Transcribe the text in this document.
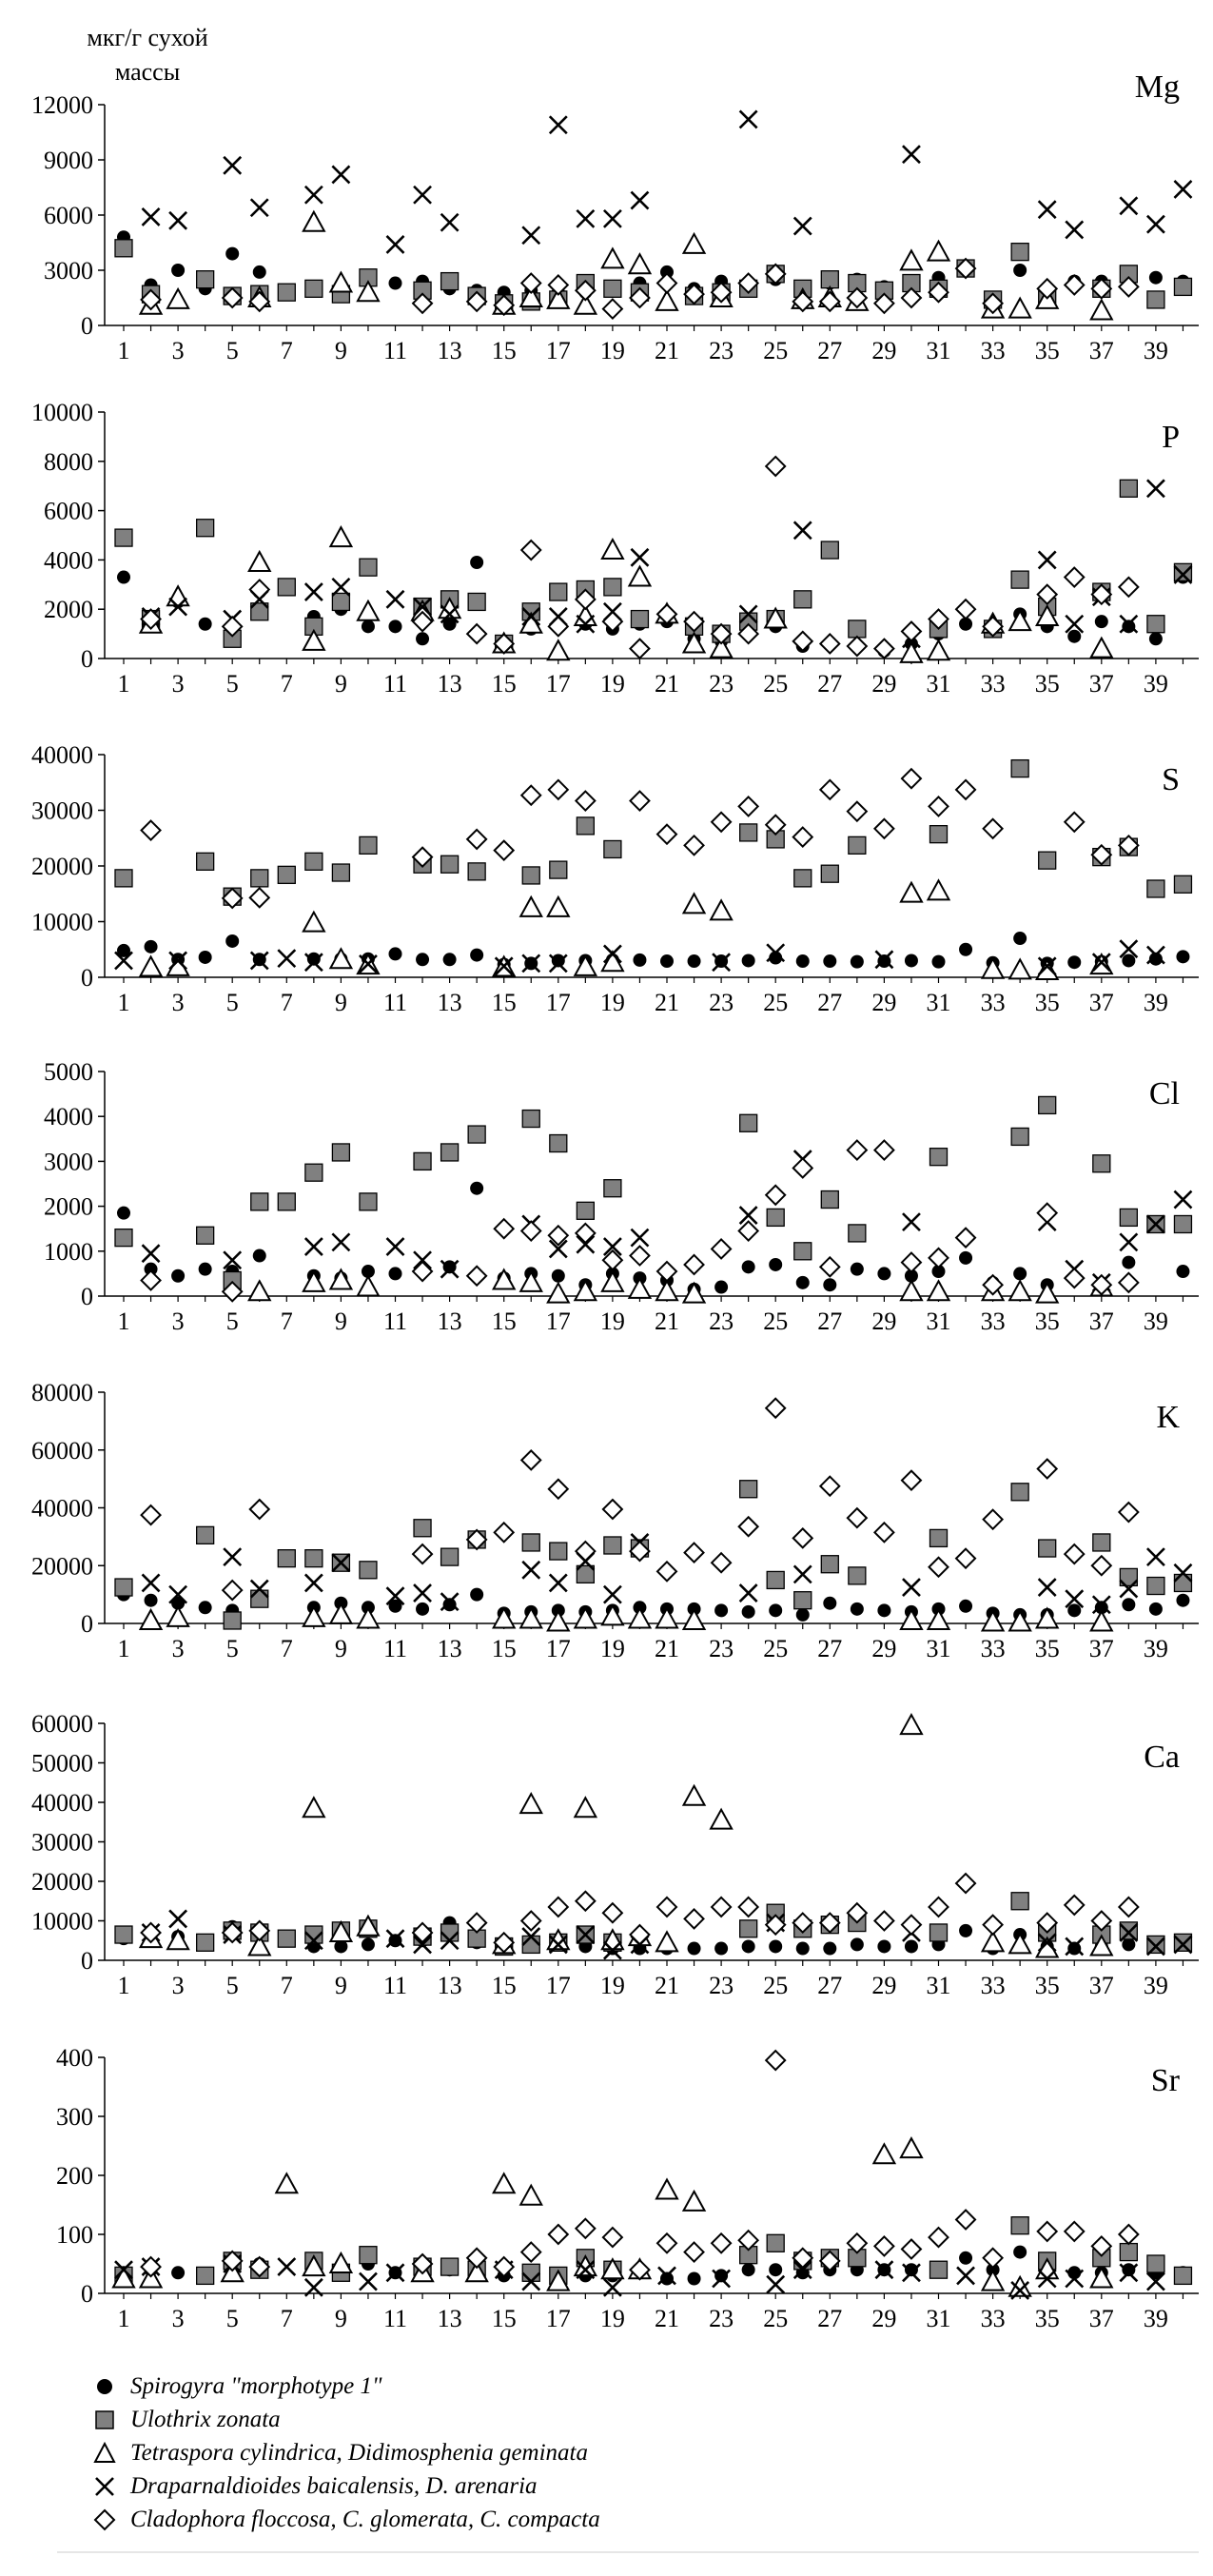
мкг/г сухой
массы
0
3000
6000
9000
12000
1 3 5 7 9 11 13 15 17 19 21 23 25 27 29 31 33 35 37 39
Mg
0
2000
4000
6000
8000
10000
1 3 5 7 9 11 13 15 17 19 21 23 25 27 29 31 33 35 37 39
P
0
10000
20000
30000
40000
1 3 5 7 9 11 13 15 17 19 21 23 25 27 29 31 33 35 37 39
S
0
1000
2000
3000
4000
5000
1 3 5 7 9 11 13 15 17 19 21 23 25 27 29 31 33 35 37 39
Cl
0
20000
40000
60000
80000
1 3 5 7 9 11 13 15 17 19 21 23 25 27 29 31 33 35 37 39
K
0
10000
20000
30000
40000
50000
60000
1 3 5 7 9 11 13 15 17 19 21 23 25 27 29 31 33 35 37 39
Ca
0
100
200
300
400
1 3 5 7 9 11 13 15 17 19 21 23 25 27 29 31 33 35 37 39
Sr
Spirogyra "morphotype 1"
Ulothrix zonata
Tetraspora cylindrica, Didimosphenia geminata
Draparnaldioides baicalensis, D. arenaria
Cladophora floccosa, C. glomerata, C. compacta
